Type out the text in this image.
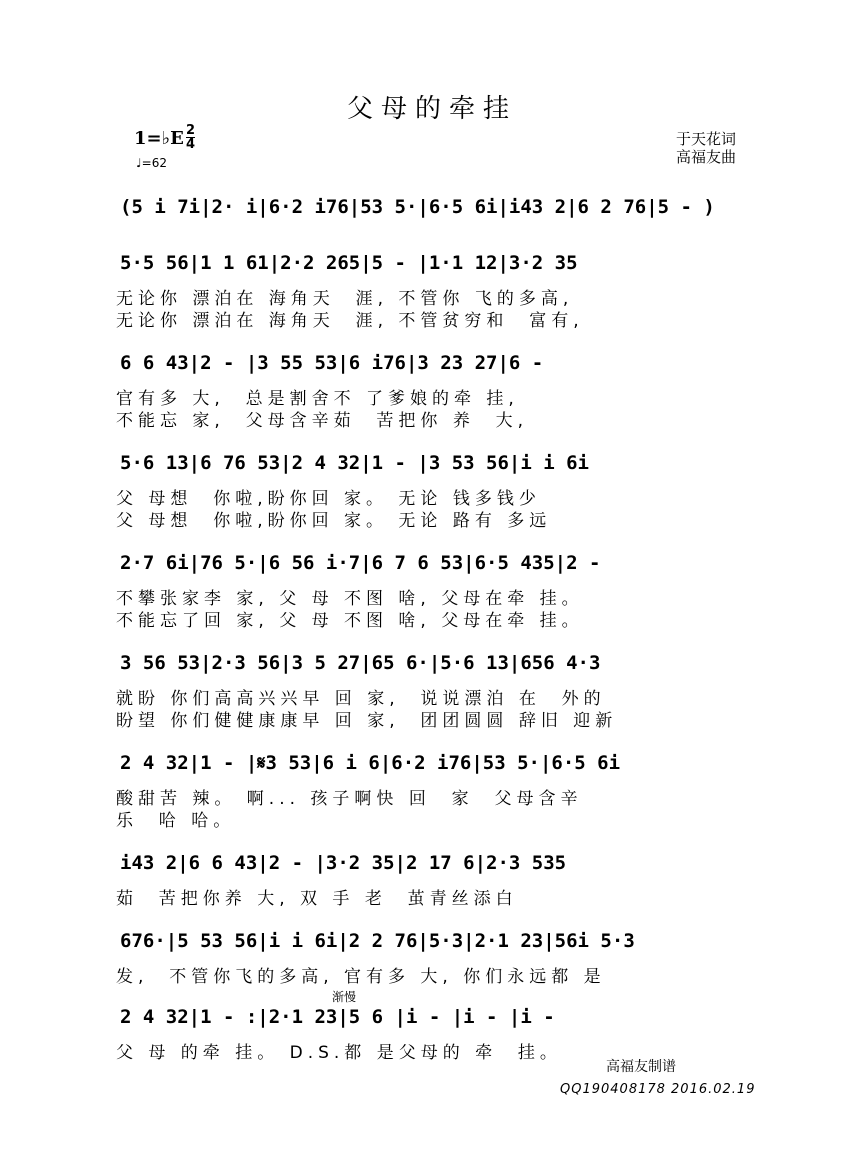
父母的牵挂
1=♭E 2
4
♩=62
于天花词
高福友曲
(5 i 7i|2· i|6·2 i76|53 5·|6·5 6i|i43 2|6 2 76|5 - )
5·5 56|1 1 61|2·2 265|5 - |1·1 12|3·2 35
无论你 漂泊在 海角天  涯, 不管你 飞的多高,
无论你 漂泊在 海角天  涯, 不管贫穷和  富有,
6 6 43|2 - |3 55 53|6 i76|3 23 27|6 -
官有多 大,  总是割舍不 了爹娘的牵 挂,
不能忘 家,  父母含辛茹  苦把你 养  大,
5·6 13|6 76 53|2 4 32|1 - |3 53 56|i i 6i
父 母想  你啦,盼你回 家。 无论 钱多钱少
父 母想  你啦,盼你回 家。 无论 路有 多远
2·7 6i|76 5·|6 56 i·7|6 7 6 53|6·5 435|2 -
不攀张家李 家, 父 母 不图 啥, 父母在牵 挂。
不能忘了回 家, 父 母 不图 啥, 父母在牵 挂。
3 56 53|2·3 56|3 5 27|65 6·|5·6 13|656 4·3
就盼 你们高高兴兴早 回 家,  说说漂泊 在  外的
盼望 你们健健康康早 回 家,  团团圆圆 辞旧 迎新
2 4 32|1 - |𝄋3 53|6 i 6|6·2 i76|53 5·|6·5 6i
酸甜苦 辣。 啊... 孩子啊快 回  家  父母含辛
乐  哈 哈。
i43 2|6 6 43|2 - |3·2 35|2 17 6|2·3 535
茹  苦把你养 大, 双 手 老  茧青丝添白
676·|5 53 56|i i 6i|2 2 76|5·3|2·1 23|56i 5·3
发,  不管你飞的多高, 官有多 大, 你们永远都 是
渐慢
2 4 32|1 - :|2·1 23|5 6 |i - |i - |i -
父 母 的牵 挂。 D.S.都 是父母的 牵  挂。
高福友制谱
QQ190408178 2016.02.19
